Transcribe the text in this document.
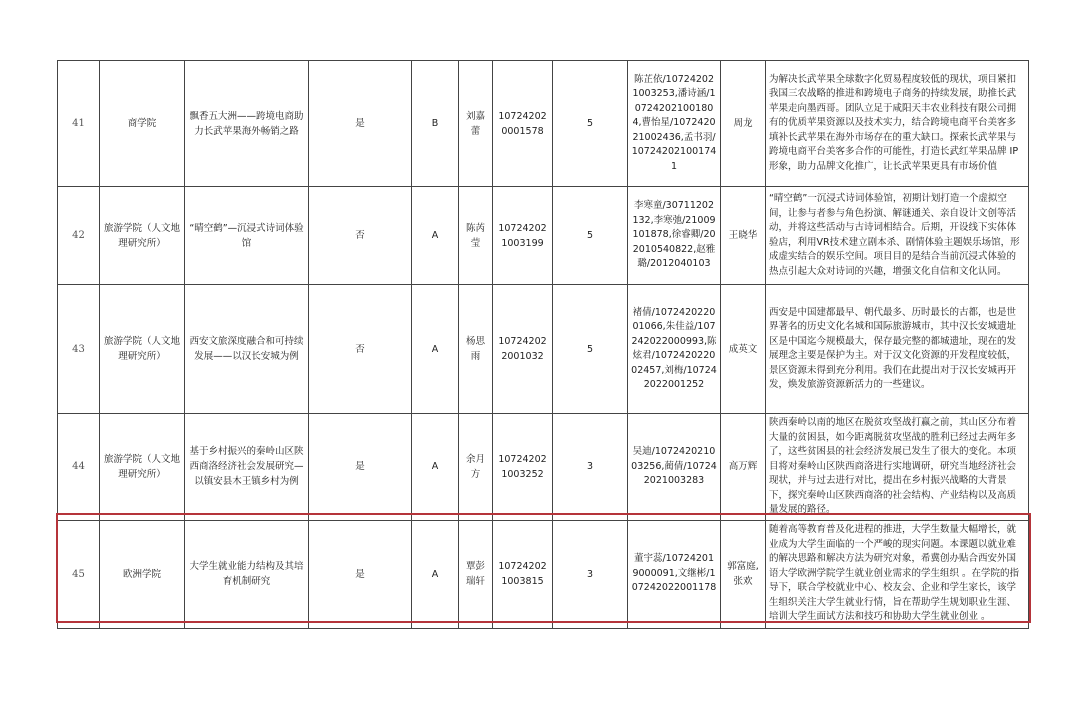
41	商学院	飘香五大洲——跨境电商助力长武苹果海外畅销之路	是	B	刘嘉蕾	107242020001578	5	陈芷依/107242021003253,潘诗涵/107242021001804,曹怡星/107242021002436,孟书羽/107242021001741	周龙	为解决长武苹果全球数字化贸易程度较低的现状，项目紧扣我国三农战略的推进和跨境电子商务的持续发展，助推长武苹果走向墨西哥。团队立足于咸阳天丰农业科技有限公司拥有的优质苹果资源以及技术实力，结合跨境电商平台美客多填补长武苹果在海外市场存在的重大缺口。探索长武苹果与跨境电商平台美客多合作的可能性，打造长武红苹果品牌 IP 形象，助力品牌文化推广，让长武苹果更具有市场价值
42	旅游学院（人文地理研究所）	“晴空鹤”—沉浸式诗词体验馆	否	A	陈芮莹	107242021003199	5	李寒童/30711202132,李寒弛/21009101878,徐睿卿/202010540822,赵雅璐/2012040103	王晓华	“晴空鹤”一沉浸式诗词体验馆，初期计划打造一个虚拟空间，让参与者参与角色扮演、解谜通关、亲自设计文创等活动，并将这些活动与古诗词相结合。后期，开设线下实体体验店，利用VR技术建立剧本杀、剧情体验主题娱乐场馆，形成虚实结合的娱乐空间。项目目的是结合当前沉浸式体验的热点引起大众对诗词的兴趣，增强文化自信和文化认同。
43	旅游学院（人文地理研究所）	西安文旅深度融合和可持续发展——以汉长安城为例	否	A	杨思雨	107242022001032	5	褚倩/107242022001066,朱佳益/107242022000993,陈炫君/107242022002457,刘梅/107242022001252	成英文	西安是中国建都最早、朝代最多、历时最长的古都，也是世界著名的历史文化名城和国际旅游城市，其中汉长安城遗址区是中国迄今规模最大，保存最完整的都城遗址，现在的发展理念主要是保护为主。对于汉文化资源的开发程度较低，景区资源未得到充分利用。我们在此提出对于汉长安城再开发，焕发旅游资源新活力的一些建议。
44	旅游学院（人文地理研究所）	基于乡村振兴的秦岭山区陕西商洛经济社会发展研究—以镇安县木王镇乡村为例	是	A	余月方	107242021003252	3	吴迪/107242021003256,蔺倩/107242021003283	高万辉	陕西秦岭以南的地区在脱贫攻坚战打赢之前，其山区分布着大量的贫困县，如今距离脱贫攻坚战的胜利已经过去两年多了，这些贫困县的社会经济发展已发生了很大的变化。本项目将对秦岭山区陕西商洛进行实地调研，研究当地经济社会现状，并与过去进行对比，提出在乡村振兴战略的大背景下，探究秦岭山区陕西商洛的社会结构、产业结构以及高质量发展的路径。
45	欧洲学院	大学生就业能力结构及其培育机制研究	是	A	覃彭瑞轩	107242021003815	3	董宇蕊/107242019000091,文继彬/107242022001178	郭富庭,张欢	随着高等教育普及化进程的推进，大学生数量大幅增长，就业成为大学生面临的一个严峻的现实问题。本课题以就业难的解决思路和解决方法为研究对象，希冀创办贴合西安外国语大学欧洲学院学生就业创业需求的学生组织 。在学院的指导下，联合学校就业中心、校友会、企业和学生家长，该学生组织关注大学生就业行情，旨在帮助学生规划职业生涯、培训大学生面试方法和技巧和协助大学生就业创业 。
